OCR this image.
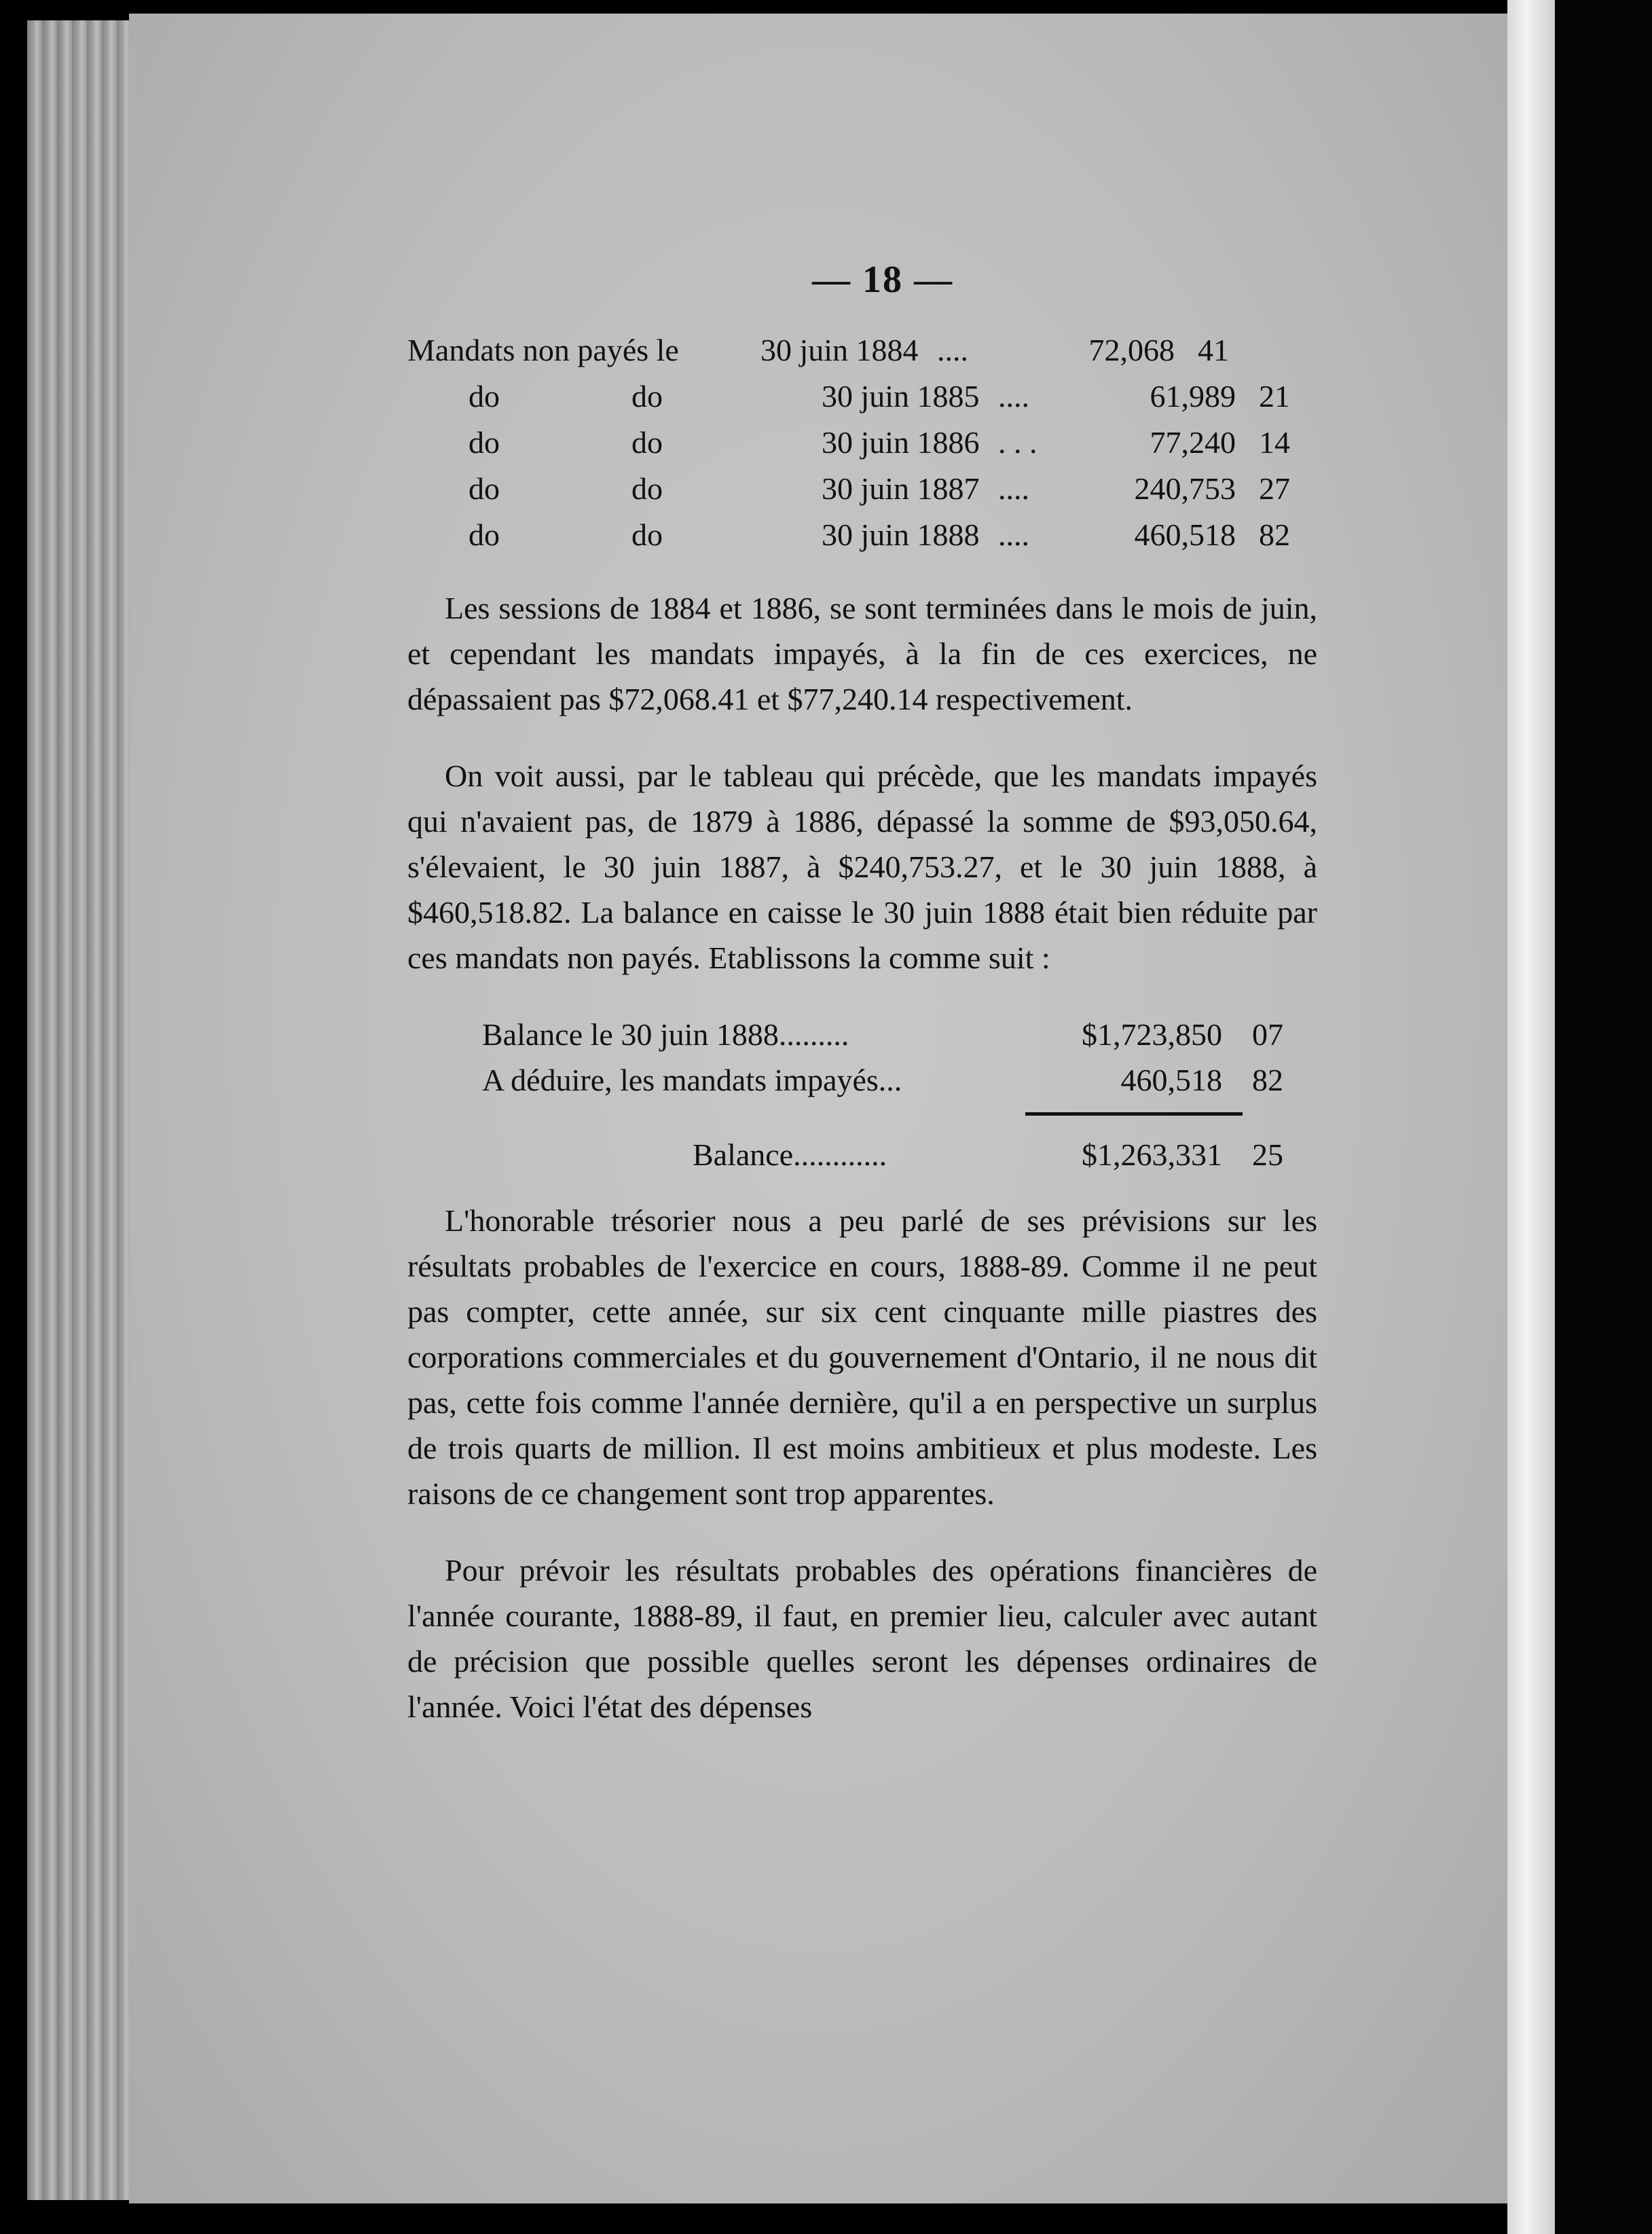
— 18 —
Mandats non payés le	30 juin 1884 ....	72,068 41
do	do	30 juin 1885 ....	61,989 21
do	do	30 juin 1886 . . .	77,240 14
do	do	30 juin 1887 ....	240,753 27
do	do	30 juin 1888 ....	460,518 82

Les sessions de 1884 et 1886, se sont terminées dans le mois de juin, et cependant les mandats impayés, à la fin de ces exercices, ne dépassaient pas $72,068.41 et $77,240.14 respectivement.

On voit aussi, par le tableau qui précède, que les mandats impayés qui n'avaient pas, de 1879 à 1886, dépassé la somme de $93,050.64, s'élevaient, le 30 juin 1887, à $240,753.27, et le 30 juin 1888, à $460,518.82. La balance en caisse le 30 juin 1888 était bien réduite par ces mandats non payés. Etablissons la comme suit :

Balance le 30 juin 1888.........	$1,723,850 07
A déduire, les mandats impayés...	460,518 82
Balance............	$1,263,331 25

L'honorable trésorier nous a peu parlé de ses prévisions sur les résultats probables de l'exercice en cours, 1888-89. Comme il ne peut pas compter, cette année, sur six cent cinquante mille piastres des corporations commerciales et du gouvernement d'Ontario, il ne nous dit pas, cette fois comme l'année dernière, qu'il a en perspective un surplus de trois quarts de million. Il est moins ambitieux et plus modeste. Les raisons de ce changement sont trop apparentes.

Pour prévoir les résultats probables des opérations financières de l'année courante, 1888-89, il faut, en premier lieu, calculer avec autant de précision que possible quelles seront les dépenses ordinaires de l'année. Voici l'état des dépenses
